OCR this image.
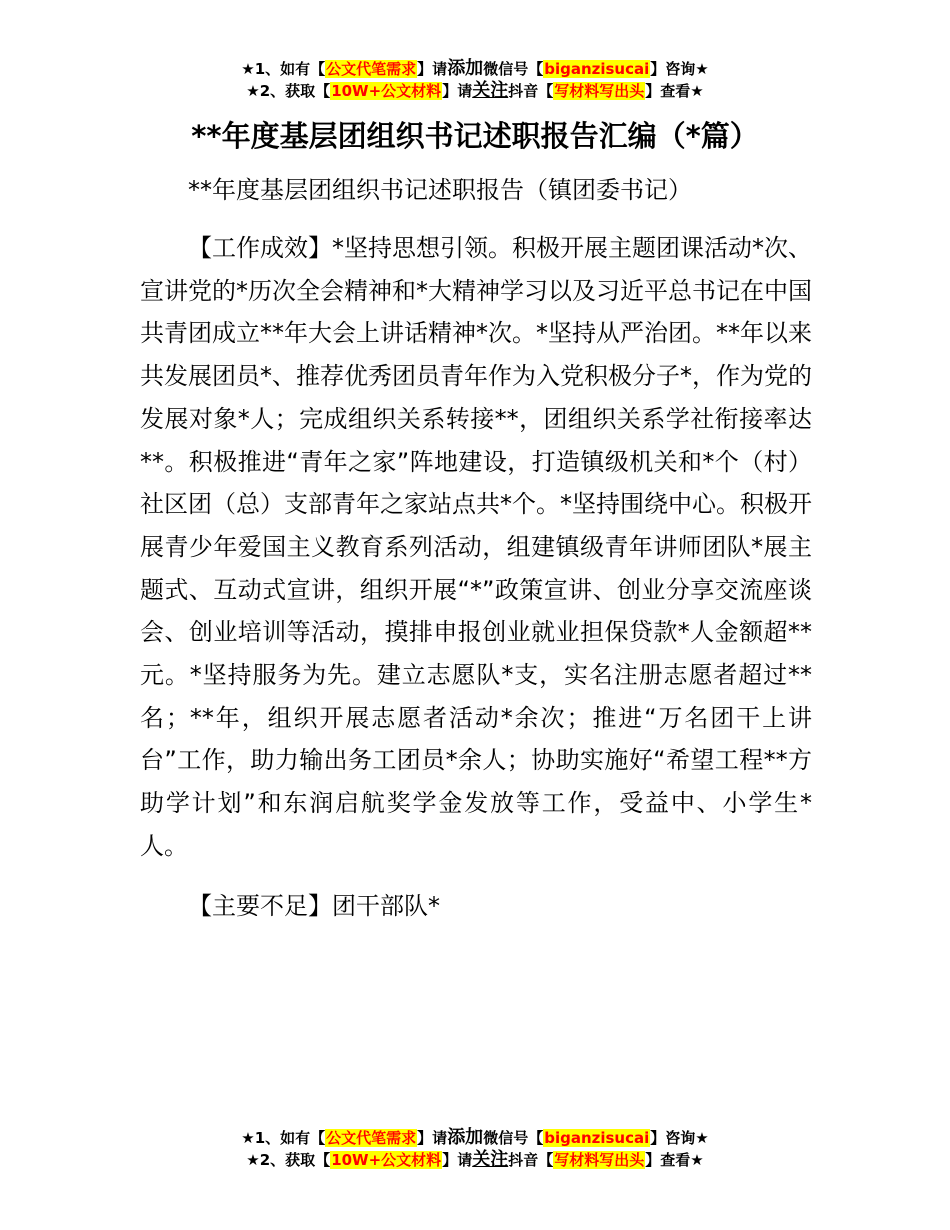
★1、如有【公文代笔需求】请添加微信号【biganzisucai】咨询★
★2、获取【10W+公文材料】请关注抖音【写材料写出头】查看★
**年度基层团组织书记述职报告汇编（*篇）
**年度基层团组织书记述职报告（镇团委书记）

【工作成效】*坚持思想引领。积极开展主题团课活动*次、宣讲党的*历次全会精神和*大精神学习以及习近平总书记在中国共青团成立**年大会上讲话精神*次。*坚持从严治团。**年以来共发展团员*、推荐优秀团员青年作为入党积极分子*，作为党的发展对象*人；完成组织关系转接**，团组织关系学社衔接率达**。积极推进“青年之家”阵地建设，打造镇级机关和*个（村）社区团（总）支部青年之家站点共*个。*坚持围绕中心。积极开展青少年爱国主义教育系列活动，组建镇级青年讲师团队*展主题式、互动式宣讲，组织开展“*”政策宣讲、创业分享交流座谈会、创业培训等活动，摸排申报创业就业担保贷款*人金额超**元。*坚持服务为先。建立志愿队*支，实名注册志愿者超过**名；**年，组织开展志愿者活动*余次；推进“万名团干上讲台”工作，助力输出务工团员*余人；协助实施好“希望工程**方助学计划”和东润启航奖学金发放等工作，受益中、小学生*人。

【主要不足】团干部队*

★1、如有【公文代笔需求】请添加微信号【biganzisucai】咨询★
★2、获取【10W+公文材料】请关注抖音【写材料写出头】查看★
